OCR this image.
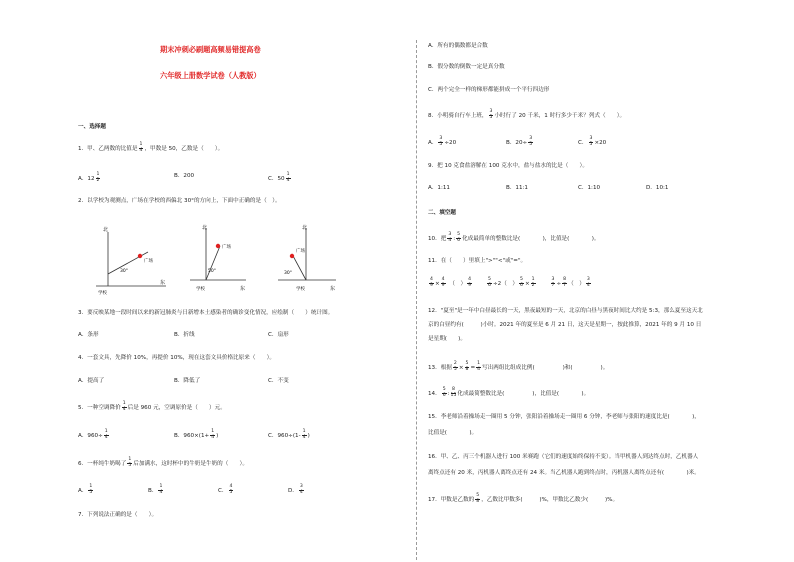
期末冲刺必刷题高频易错提高卷
六年级上册数学试卷（人教版）
一、选择题
1．甲、乙两数的比值是 $\frac{1}{4}$ ，甲数是 50，乙数是（　　）。
A．$12 \frac{1}{2}$	B．200	C．$50 \frac{1}{4}$
2．以学校为观测点，广场在学校的西偏北 30°的方向上，下面中正确的是（　）。
北
东
学校
广场
30°
北
东
学校
广场
50°
北
东
学校
广场
30°
3．要反映某地一段时间以来的新冠肺炎与日新增本土感染者的确诊变化情况，应绘制（　　）统计图。
A．条形	B．折线	C．扇形
4．一套文具，先降价 10%，再提价 10%，现在这套文具价格比原来（　　）。
A．提高了	B．降低了	C．不变
5．一种空调降价 $\frac{1}{4}$ 后是 960 元，空调原价是（　　）元。
A．$960\div \frac{1}{4}$	B．$960\times(1+ \frac{1}{4}$ )	C．$960\div(1- \frac{1}{4}$ )
6．一杯纯牛奶喝了 $\frac{1}{5}$ 后加满水，这时杯中的牛奶是牛奶的（　　）。
A． $\frac{1}{5}$	B． $\frac{1}{4}$	C． $\frac{4}{5}$	D． $\frac{3}{4}$
7．下列说法正确的是（　　）。
A．所有的偶数都是合数
B．假分数的倒数一定是真分数
C．两个完全一样的梯形都能拼成一个平行四边形
8．小明骑自行车上班， $\frac{3}{5}$ 小时行了 20 千米，1 时行多少千米？列式（　　）。
A． $\frac{3}{5} \div 20$	B．$20\div \frac{3}{5}$	C． $\frac{3}{5} \times 20$
9．把 10 克食盐溶解在 100 克水中，盐与盐水的比是（　　）。
A．1:11	B．11:1	C．1:10	D．10:1
二、填空题
10．把 $\frac{3}{4}$ : $\frac{5}{6}$ 化成最简单的整数比是(　　　　)，比值是(　　　　)。
11．在（　　）里填上">""<"或"="。
$\frac{4}{9} \times \frac{4}{9}$ 　（　） $\frac{4}{9}$
　　	$\frac{5}{6} \div 2$（　） $\frac{5}{6} \times \frac{1}{2}$
　　	$\frac{3}{7} \div \frac{8}{7}$ （　） $\frac{3}{4}$
12．"夏至"是一年中白昼最长的一天，黑夜最短的一天，北京的白昼与黑夜时间比大约是 5:3，那么夏至这天北
京的白昼约有(　　　)小时。2021 年的夏至是 6 月 21 日，这天是星期一，按此推算，2021 年的 9 月 10 日
是星期(　　)。
13．根据 $\frac{2}{5} \times \frac{5}{8} = \frac{1}{4}$ 写出两组比组成比例(　　　　　)和(　　　　　)。
14． $\frac{5}{6}$ : $\frac{8}{15}$ 化成最简整数比是(　　　　　)，比值是(　　　　)。
15．李老师沿着操场走一圈用 5 分钟，张阳沿着操场走一圈用 6 分钟，李老师与张阳的速度比是(　　　　)，
比值是(　　　　)。
16．甲、乙、丙三个机器人进行 100 米赛跑（它们的速度始终保持不变）。当甲机器人到达终点时，乙机器人
离终点还有 20 米，丙机器人离终点还有 24 米。当乙机器人跑到终点时，丙机器人离终点还有(　　　　)米。
17．甲数是乙数的 $\frac{5}{8}$ ，乙数比甲数多(　　　)%，甲数比乙数少(　　　)%。
